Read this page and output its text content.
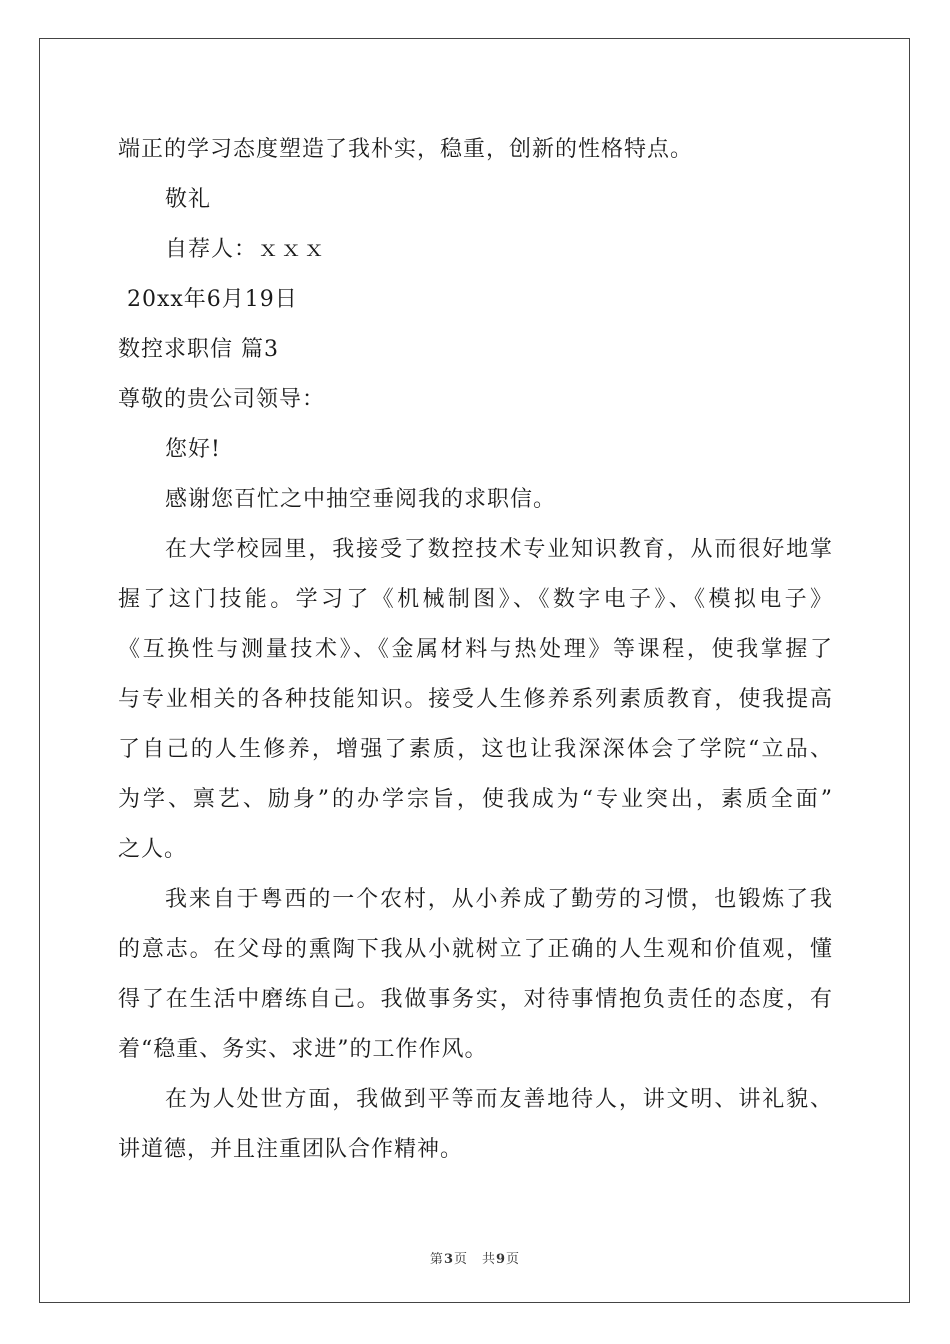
端正的学习态度塑造了我朴实，稳重，创新的性格特点。
敬礼
自荐人：ｘｘｘ
20xx年6月19日
数控求职信 篇3
尊敬的贵公司领导：
您好!
感谢您百忙之中抽空垂阅我的求职信。
在大学校园里，我接受了数控技术专业知识教育，从而很好地掌
握了这门技能。学习了《机械制图》、《数字电子》、《模拟电子》
《互换性与测量技术》、《金属材料与热处理》等课程，使我掌握了
与专业相关的各种技能知识。接受人生修养系列素质教育，使我提高
了自己的人生修养，增强了素质，这也让我深深体会了学院“立品、
为学、禀艺、励身”的办学宗旨，使我成为“专业突出，素质全面”
之人。
我来自于粤西的一个农村，从小养成了勤劳的习惯，也锻炼了我
的意志。在父母的熏陶下我从小就树立了正确的人生观和价值观，懂
得了在生活中磨练自己。我做事务实，对待事情抱负责任的态度，有
着“稳重、务实、求进”的工作作风。
在为人处世方面，我做到平等而友善地待人，讲文明、讲礼貌、
讲道德，并且注重团队合作精神。
第3页　共9页
